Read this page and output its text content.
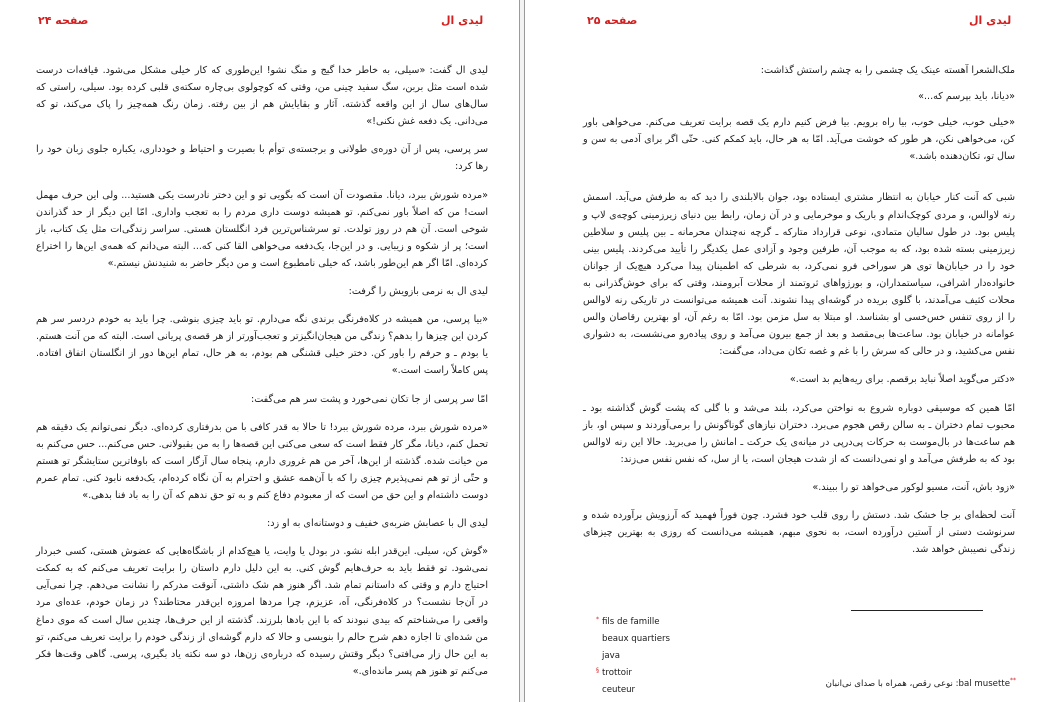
صفحه ۲۴	لیدی ال

لیدی ال گفت: «سیلی، به خاطر خدا گیج و منگ نشو! این‌طوری که کار خیلی مشکل می‌شود. قیافه‌ات درست شده است مثل بربن، سگ سفید چینی من، وقتی که کوچولوی بی‌چاره سکته‌ی قلبی کرده بود. سیلی، راستی که سال‌های سال از این واقعه گذشته. آثار و بقایایش هم از بین رفته. زمان رنگ همه‌چیز را پاک می‌کند، تو که می‌دانی. یک دفعه غش نکنی!»

سر پرسی، پس از آن دوره‌ی طولانی و برجسته‌ی توأم با بصیرت و احتیاط و خودداری، یکباره جلوی زبان خود را رها کرد:

«مرده شورش ببرد، دیانا. مقصودت آن است که بگویی تو و این دختر نادرست یکی هستید... ولی این حرف مهمل است! من که اصلاً باور نمی‌کنم. تو همیشه دوست داری مردم را به تعجب واداری. امّا این دیگر از حد گذراندن شوخی است. آن هم در روز تولدت. تو سرشناس‌ترین فرد انگلستان هستی. سراسر زندگی‌ات مثل یک کتاب، باز است؛ پر از شکوه و زیبایی. و در این‌جا، یک‌دفعه می‌خواهی القا کنی که... البته می‌دانم که همه‌ی این‌ها را اختراع کرده‌ای. امّا اگر هم این‌طور باشد، که خیلی نامطبوع است و من دیگر حاضر به شنیدنش نیستم.»

لیدی ال به نرمی بازویش را گرفت:

«بیا پرسی، من همیشه در کلاه‌فرنگی برندی نگه می‌دارم. تو باید چیزی بنوشی. چرا باید به خودم دردسر سر هم کردن این چیزها را بدهم؟ زندگی من هیجان‌انگیزتر و تعجب‌آورتر از هر قصه‌ی پریانی است. البته که من آنت هستم. یا بودم ـ و حرفم را باور کن. دختر خیلی قشنگی هم بودم، به هر حال، تمام این‌ها دور از انگلستان اتفاق افتاده. پس کاملاً راست است.»

امّا سر پرسی از جا تکان نمی‌خورد و پشت سر هم می‌گفت:

«مرده شورش ببرد، مرده شورش ببرد! تا حالا به قدر کافی با من بدرفتاری کرده‌ای. دیگر نمی‌توانم یک دقیقه هم تحمل کنم، دیانا، مگر کار فقط است که سعی می‌کنی این قصه‌ها را به من بقبولانی. حس می‌کنم... حس می‌کنم به من خیانت شده. گذشته از این‌ها، آخر من هم غروری دارم، پنجاه سال آزگار است که باوفاترین ستایشگر تو هستم و حتّی از تو هم نمی‌پذیرم چیزی را که با آن‌همه عشق و احترام به آن نگاه کرده‌ام، یک‌دفعه نابود کنی. تمام عمرم دوست داشته‌ام و این حق من است که از معبودم دفاع کنم و به تو حق ندهم که آن را به باد فنا بدهی.»

لیدی ال با عصابش ضربه‌ی خفیف و دوستانه‌ای به او زد:

«گوش کن، سیلی. این‌قدر ابله نشو. در بودل یا وایت، یا هیچ‌کدام از باشگاه‌هایی که عضوش هستی، کسی خبردار نمی‌شود. تو فقط باید به حرف‌هایم گوش کنی. به این دلیل دارم داستان را برایت تعریف می‌کنم که به کمکت احتیاج دارم و وقتی که داستانم تمام شد. اگر هنوز هم شک داشتی، آنوقت مدرکم را نشانت می‌دهم. چرا نمی‌آیی در آن‌جا نشست؟ در کلاه‌فرنگی، آه، عزیزم، چرا مردها امروزه این‌قدر محتاطند؟ در زمان خودم، عده‌ای مرد واقعی را می‌شناختم که بیدی نبودند که با این بادها بلرزند. گذشته از این حرف‌ها، چندین سال است که موی دماغ من شده‌ای تا اجازه دهم شرح حالم را بنویسی و حالا که دارم گوشه‌ای از زندگی خودم را برایت تعریف می‌کنم، تو به این حال زار می‌افتی؟ دیگر وقتش رسیده که درباره‌ی زن‌ها، دو سه نکته یاد بگیری، پرسی. گاهی وقت‌ها فکر می‌کنم تو هنوز هم پسر مانده‌ای.»

صفحه ۲۵	لیدی ال

ملک‌الشعرا آهسته عینک یک چشمی را به چشم راستش گذاشت:

«دیانا، باید بپرسم که...»

«خیلی خوب، خیلی خوب، بیا راه برویم. بیا فرض کنیم دارم یک قصه برایت تعریف می‌کنم. می‌خواهی باور کن، می‌خواهی نکن، هر طور که خوشت می‌آید. امّا به هر حال، باید کمکم کنی. حتّی اگر برای آدمی به سن و سال تو، تکان‌دهنده باشد.»

شبی که آنت کنار خیابان به انتظار مشتری ایستاده بود، جوان بالابلندی را دید که به طرفش می‌آید. اسمش رنه لاوالس، و مردی کوچک‌اندام و باریک و موخرمایی و در آن زمان، رابط بین دنیای زیرزمینی کوچه‌ی لاپ و پلیس بود. در طول سالیان متمادی، نوعی قرارداد متارکه ـ گرچه نه‌چندان محرمانه ـ بین پلیس و سلاطین زیرزمینی بسته شده بود، که به موجب آن، طرفین وجود و آزادی عمل یکدیگر را تأیید می‌کردند. پلیس بینی خود را در خیابان‌ها توی هر سوراخی فرو نمی‌کرد، به شرطی که اطمینان پیدا می‌کرد هیچ‌یک از جوانان خانواده‌دار اشرافی، سیاستمداران، و بورژواهای ثروتمند از محلات آبرومند، وقتی که برای خوش‌گذرانی به محلات کثیف می‌آمدند، با گلوی بریده در گوشه‌ای پیدا نشوند. آنت همیشه می‌توانست در تاریکی رنه لاوالس را از روی تنفس خس‌خسی او بشناسد. او مبتلا به سل مزمن بود. امّا به رغم آن، او بهترین رقاصان والس عوامانه در خیابان بود. ساعت‌ها بی‌مقصد و بعد از جمع بیرون می‌آمد و روی پیاده‌رو می‌نشست، به دشواری نفس می‌کشید، و در حالی که سرش را با غم و غصه تکان می‌داد، می‌گفت:

«دکتر می‌گوید اصلاً نباید برقصم. برای ریه‌هایم بد است.»

امّا همین که موسیقی دوباره شروع به نواختن می‌کرد، بلند می‌شد و با گلی که پشت گوش گذاشته بود ـ محبوب تمام دختران ـ به سالن رقص هجوم می‌برد. دختران نیازهای گوناگونش را برمی‌آوردند و سپس او، باز هم ساعت‌ها در بال‌موست به حرکات پی‌درپی در میانه‌ی یک حرکت ـ امانش را می‌برید. حالا این رنه لاوالس بود که به طرفش می‌آمد و او نمی‌دانست که از شدت هیجان است، یا از سل، که نفس نفس می‌زند:

«زود باش، آنت، مسیو لوکور می‌خواهد تو را ببیند.»

آنت لحظه‌ای بر جا خشک شد. دستش را روی قلب خود فشرد. چون فوراً فهمید که آرزویش برآورده شده و سرنوشت دستی از آستین درآورده است، به نحوی مبهم، همیشه می‌دانست که روزی به بهترین چیزهای زندگی نصیبش خواهد شد.

* fils de famille
beaux quartiers
java
§ trottoir
ceuteur
**bal musette: نوعی رقص، همراه با صدای نی‌انبان
